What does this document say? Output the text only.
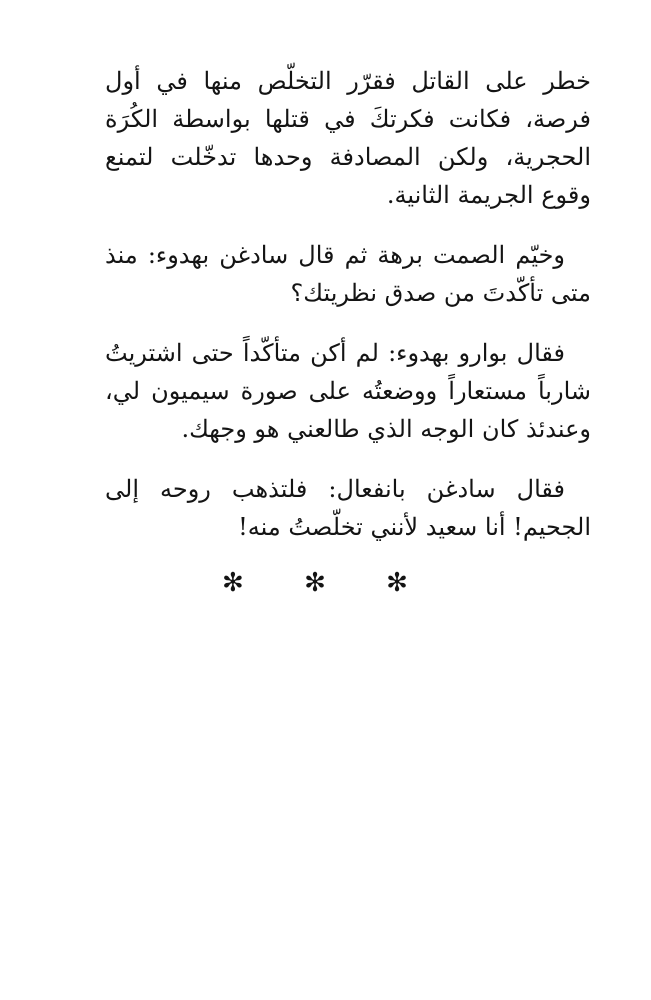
خطر على القاتل فقرّر التخلّص منها في أول فرصة، فكانت فكرتكَ في قتلها بواسطة الكُرَة الحجرية، ولكن المصادفة وحدها تدخّلت لتمنع وقوع الجريمة الثانية.

وخيّم الصمت برهة ثم قال سادغن بهدوء: منذ متى تأكّدتَ من صدق نظريتك؟

فقال بوارو بهدوء: لم أكن متأكّداً حتى اشتريتُ شارباً مستعاراً ووضعتُه على صورة سيميون لي، وعندئذ كان الوجه الذي طالعني هو وجهك.

فقال سادغن بانفعال: فلتذهب روحه إلى الجحيم! أنا سعيد لأنني تخلّصتُ منه!

✻ ✻ ✻
